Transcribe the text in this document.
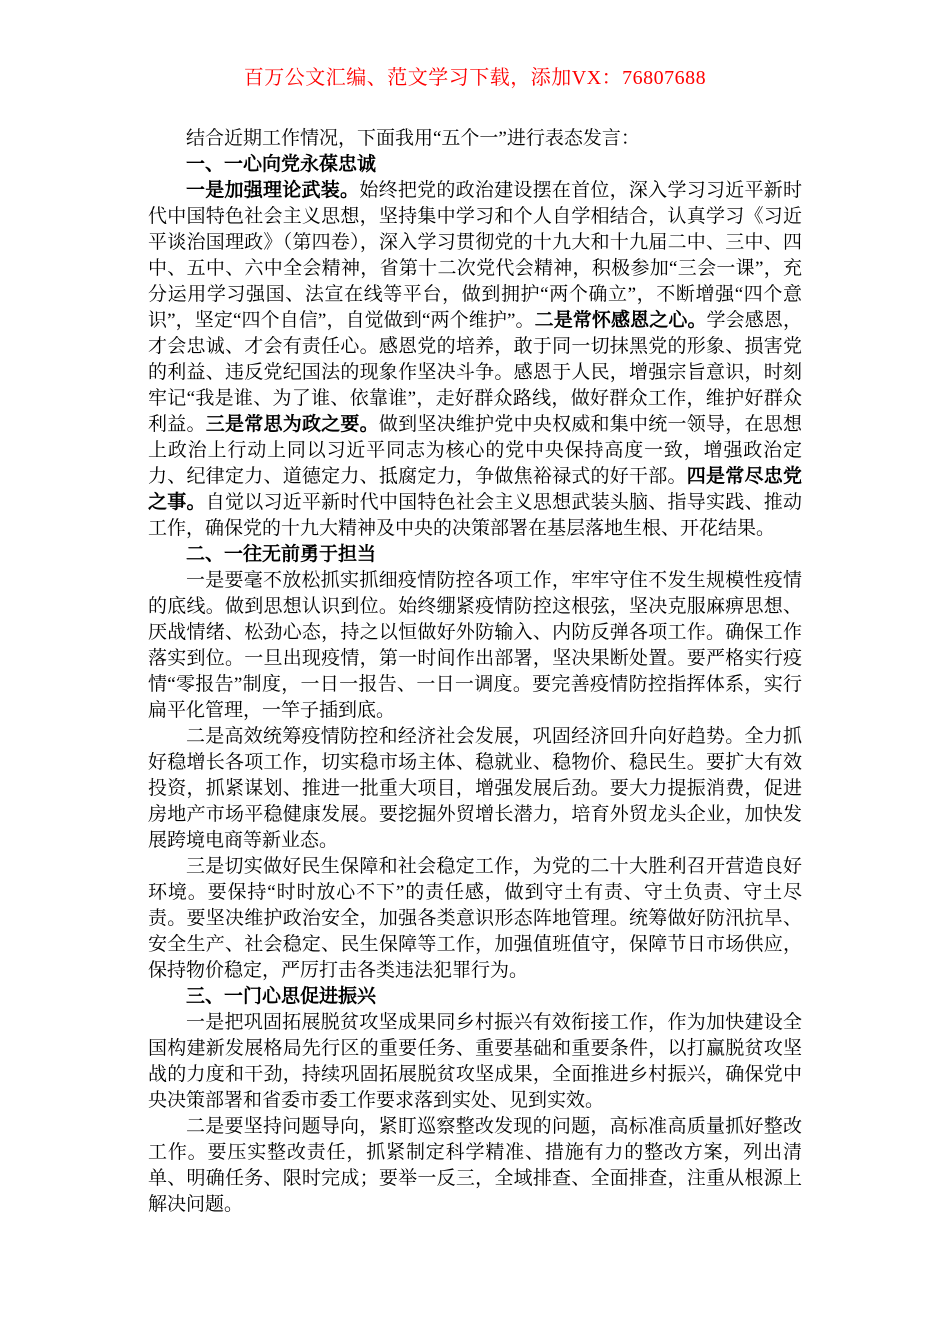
百万公文汇编、范文学习下载，添加VX：76807688

结合近期工作情况，下面我用“五个一”进行表态发言：

一、一心向党永葆忠诚

一是加强理论武装。始终把党的政治建设摆在首位，深入学习习近平新时代中国特色社会主义思想，坚持集中学习和个人自学相结合，认真学习《习近平谈治国理政》（第四卷），深入学习贯彻党的十九大和十九届二中、三中、四中、五中、六中全会精神，省第十二次党代会精神，积极参加“三会一课”，充分运用学习强国、法宣在线等平台，做到拥护“两个确立”，不断增强“四个意识”，坚定“四个自信”，自觉做到“两个维护”。二是常怀感恩之心。学会感恩，才会忠诚、才会有责任心。感恩党的培养，敢于同一切抹黑党的形象、损害党的利益、违反党纪国法的现象作坚决斗争。感恩于人民，增强宗旨意识，时刻牢记“我是谁、为了谁、依靠谁”，走好群众路线，做好群众工作，维护好群众利益。三是常思为政之要。做到坚决维护党中央权威和集中统一领导，在思想上政治上行动上同以习近平同志为核心的党中央保持高度一致，增强政治定力、纪律定力、道德定力、抵腐定力，争做焦裕禄式的好干部。四是常尽忠党之事。自觉以习近平新时代中国特色社会主义思想武装头脑、指导实践、推动工作，确保党的十九大精神及中央的决策部署在基层落地生根、开花结果。

二、一往无前勇于担当

一是要毫不放松抓实抓细疫情防控各项工作，牢牢守住不发生规模性疫情的底线。做到思想认识到位。始终绷紧疫情防控这根弦，坚决克服麻痹思想、厌战情绪、松劲心态，持之以恒做好外防输入、内防反弹各项工作。确保工作落实到位。一旦出现疫情，第一时间作出部署，坚决果断处置。要严格实行疫情“零报告”制度，一日一报告、一日一调度。要完善疫情防控指挥体系，实行扁平化管理，一竿子插到底。

二是高效统筹疫情防控和经济社会发展，巩固经济回升向好趋势。全力抓好稳增长各项工作，切实稳市场主体、稳就业、稳物价、稳民生。要扩大有效投资，抓紧谋划、推进一批重大项目，增强发展后劲。要大力提振消费，促进房地产市场平稳健康发展。要挖掘外贸增长潜力，培育外贸龙头企业，加快发展跨境电商等新业态。

三是切实做好民生保障和社会稳定工作，为党的二十大胜利召开营造良好环境。要保持“时时放心不下”的责任感，做到守土有责、守土负责、守土尽责。要坚决维护政治安全，加强各类意识形态阵地管理。统筹做好防汛抗旱、安全生产、社会稳定、民生保障等工作，加强值班值守，保障节日市场供应，保持物价稳定，严厉打击各类违法犯罪行为。

三、一门心思促进振兴

一是把巩固拓展脱贫攻坚成果同乡村振兴有效衔接工作，作为加快建设全国构建新发展格局先行区的重要任务、重要基础和重要条件，以打赢脱贫攻坚战的力度和干劲，持续巩固拓展脱贫攻坚成果，全面推进乡村振兴，确保党中央决策部署和省委市委工作要求落到实处、见到实效。

二是要坚持问题导向，紧盯巡察整改发现的问题，高标准高质量抓好整改工作。要压实整改责任，抓紧制定科学精准、措施有力的整改方案，列出清单、明确任务、限时完成；要举一反三，全域排查、全面排查，注重从根源上解决问题。
